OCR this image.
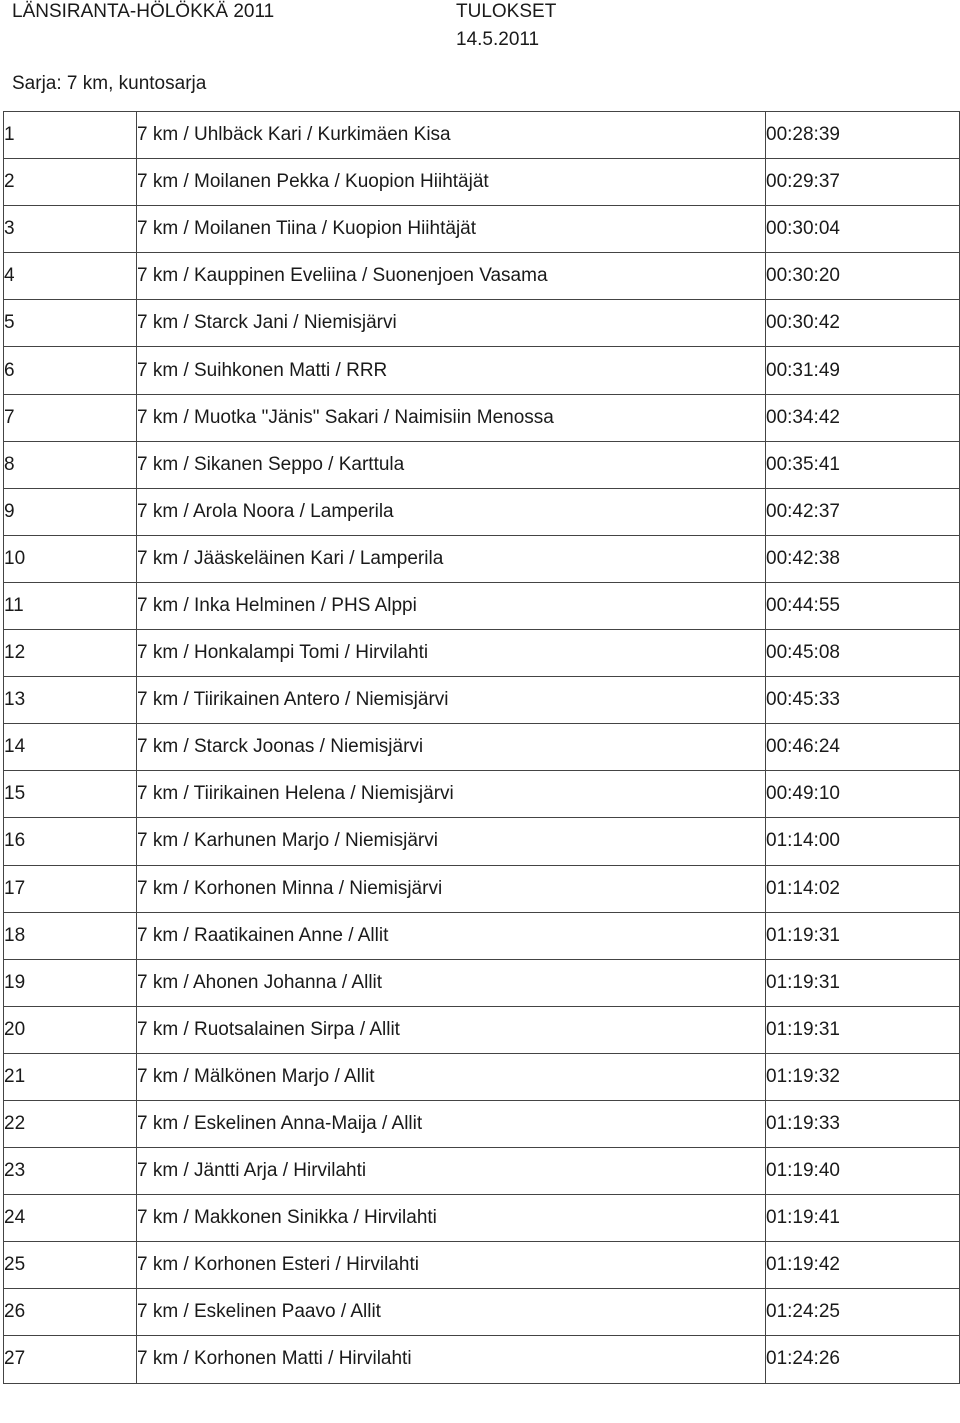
LÄNSIRANTA-HÖLÖKKÄ 2011	TULOKSET
14.5.2011
Sarja: 7 km, kuntosarja
1	7 km / Uhlbäck Kari / Kurkimäen Kisa	00:28:39
2	7 km / Moilanen Pekka / Kuopion Hiihtäjät	00:29:37
3	7 km / Moilanen Tiina / Kuopion Hiihtäjät	00:30:04
4	7 km / Kauppinen Eveliina / Suonenjoen Vasama	00:30:20
5	7 km / Starck Jani / Niemisjärvi	00:30:42
6	7 km / Suihkonen Matti / RRR	00:31:49
7	7 km / Muotka "Jänis" Sakari / Naimisiin Menossa	00:34:42
8	7 km / Sikanen Seppo / Karttula	00:35:41
9	7 km / Arola Noora / Lamperila	00:42:37
10	7 km / Jääskeläinen Kari / Lamperila	00:42:38
11	7 km / Inka Helminen / PHS Alppi	00:44:55
12	7 km / Honkalampi Tomi / Hirvilahti	00:45:08
13	7 km / Tiirikainen Antero / Niemisjärvi	00:45:33
14	7 km / Starck Joonas / Niemisjärvi	00:46:24
15	7 km / Tiirikainen Helena / Niemisjärvi	00:49:10
16	7 km / Karhunen Marjo / Niemisjärvi	01:14:00
17	7 km / Korhonen Minna / Niemisjärvi	01:14:02
18	7 km / Raatikainen Anne / Allit	01:19:31
19	7 km / Ahonen Johanna / Allit	01:19:31
20	7 km / Ruotsalainen Sirpa / Allit	01:19:31
21	7 km / Mälkönen Marjo / Allit	01:19:32
22	7 km / Eskelinen Anna-Maija / Allit	01:19:33
23	7 km / Jäntti Arja / Hirvilahti	01:19:40
24	7 km / Makkonen Sinikka / Hirvilahti	01:19:41
25	7 km / Korhonen Esteri / Hirvilahti	01:19:42
26	7 km / Eskelinen Paavo / Allit	01:24:25
27	7 km / Korhonen Matti / Hirvilahti	01:24:26
